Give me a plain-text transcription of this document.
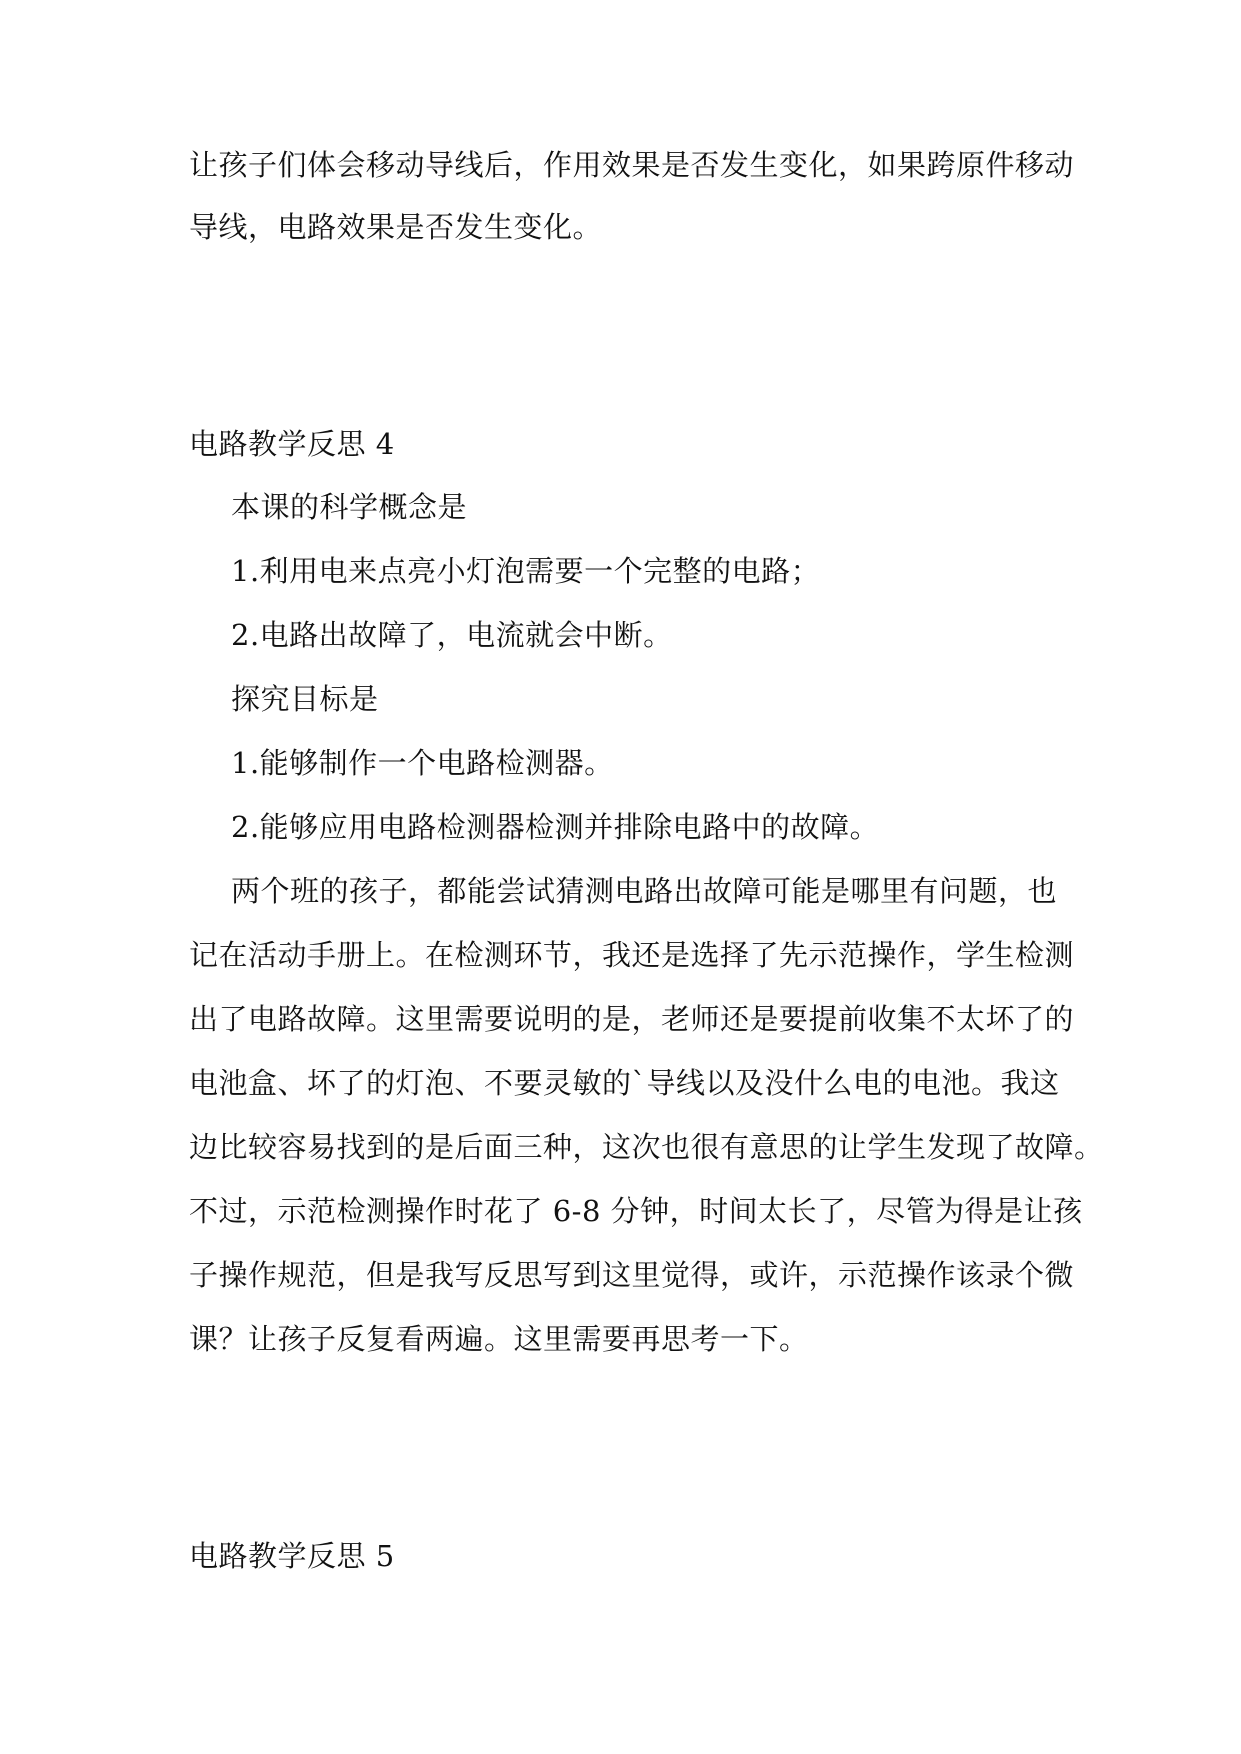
让孩子们体会移动导线后，作用效果是否发生变化，如果跨原件移动
导线，电路效果是否发生变化。
电路教学反思 4
本课的科学概念是
1.利用电来点亮小灯泡需要一个完整的电路；
2.电路出故障了，电流就会中断。
探究目标是
1.能够制作一个电路检测器。
2.能够应用电路检测器检测并排除电路中的故障。
两个班的孩子，都能尝试猜测电路出故障可能是哪里有问题，也
记在活动手册上。在检测环节，我还是选择了先示范操作，学生检测
出了电路故障。这里需要说明的是，老师还是要提前收集不太坏了的
电池盒、坏了的灯泡、不要灵敏的`导线以及没什么电的电池。我这
边比较容易找到的是后面三种，这次也很有意思的让学生发现了故障。
不过，示范检测操作时花了 6-8 分钟，时间太长了，尽管为得是让孩
子操作规范，但是我写反思写到这里觉得，或许，示范操作该录个微
课？让孩子反复看两遍。这里需要再思考一下。
电路教学反思 5
